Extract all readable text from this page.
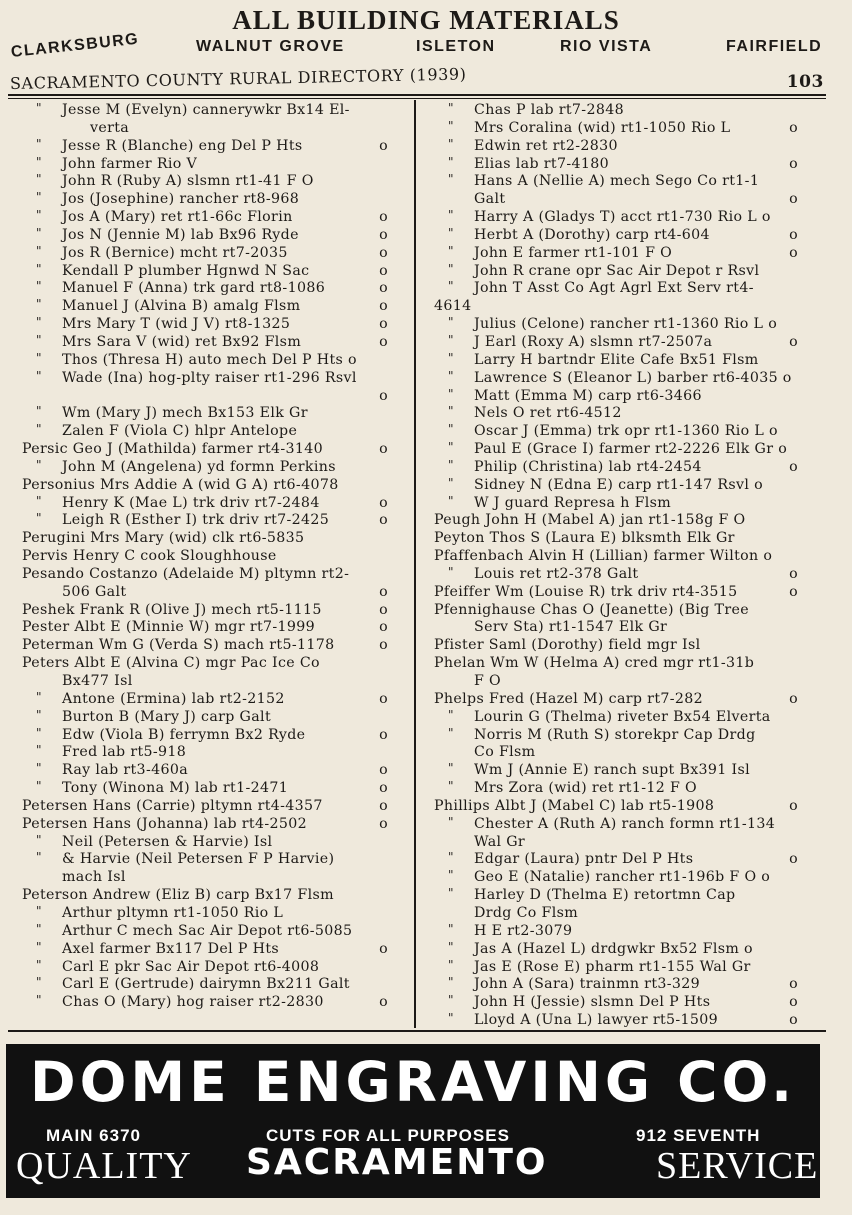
ALL BUILDING MATERIALS
CLARKSBURG	WALNUT GROVE	ISLETON	RIO VISTA	FAIRFIELD
SACRAMENTO COUNTY RURAL DIRECTORY (1939)	103
" Jesse M (Evelyn) cannerywkr Bx14 El-
verta
" Jesse R (Blanche) eng Del P Hts	o
" John farmer Rio V
" John R (Ruby A) slsmn rt1-41 F O
" Jos (Josephine) rancher rt8-968
" Jos A (Mary) ret rt1-66c Florin	o
" Jos N (Jennie M) lab Bx96 Ryde	o
" Jos R (Bernice) mcht rt7-2035	o
" Kendall P plumber Hgnwd N Sac	o
" Manuel F (Anna) trk gard rt8-1086	o
" Manuel J (Alvina B) amalg Flsm	o
" Mrs Mary T (wid J V) rt8-1325	o
" Mrs Sara V (wid) ret Bx92 Flsm	o
" Thos (Thresa H) auto mech Del P Hts o
" Wade (Ina) hog-plty raiser rt1-296 Rsvl
o
" Wm (Mary J) mech Bx153 Elk Gr
" Zalen F (Viola C) hlpr Antelope
Persic Geo J (Mathilda) farmer rt4-3140	o
" John M (Angelena) yd formn Perkins
Personius Mrs Addie A (wid G A) rt6-4078
" Henry K (Mae L) trk driv rt7-2484	o
" Leigh R (Esther I) trk driv rt7-2425	o
Perugini Mrs Mary (wid) clk rt6-5835
Pervis Henry C cook Sloughhouse
Pesando Costanzo (Adelaide M) pltymn rt2-
506 Galt	o
Peshek Frank R (Olive J) mech rt5-1115	o
Pester Albt E (Minnie W) mgr rt7-1999	o
Peterman Wm G (Verda S) mach rt5-1178	o
Peters Albt E (Alvina C) mgr Pac Ice Co
Bx477 Isl
" Antone (Ermina) lab rt2-2152	o
" Burton B (Mary J) carp Galt
" Edw (Viola B) ferrymn Bx2 Ryde	o
" Fred lab rt5-918
" Ray lab rt3-460a	o
" Tony (Winona M) lab rt1-2471	o
Petersen Hans (Carrie) pltymn rt4-4357	o
Petersen Hans (Johanna) lab rt4-2502	o
" Neil (Petersen & Harvie) Isl
" & Harvie (Neil Petersen F P Harvie)
mach Isl
Peterson Andrew (Eliz B) carp Bx17 Flsm
" Arthur pltymn rt1-1050 Rio L
" Arthur C mech Sac Air Depot rt6-5085
" Axel farmer Bx117 Del P Hts	o
" Carl E pkr Sac Air Depot rt6-4008
" Carl E (Gertrude) dairymn Bx211 Galt
" Chas O (Mary) hog raiser rt2-2830	o
" Chas P lab rt7-2848
" Mrs Coralina (wid) rt1-1050 Rio L	o
" Edwin ret rt2-2830
" Elias lab rt7-4180	o
" Hans A (Nellie A) mech Sego Co rt1-1
Galt	o
" Harry A (Gladys T) acct rt1-730 Rio L o
" Herbt A (Dorothy) carp rt4-604	o
" John E farmer rt1-101 F O	o
" John R crane opr Sac Air Depot r Rsvl
" John T Asst Co Agt Agrl Ext Serv rt4-
4614
" Julius (Celone) rancher rt1-1360 Rio L o
" J Earl (Roxy A) slsmn rt7-2507a	o
" Larry H bartndr Elite Cafe Bx51 Flsm
" Lawrence S (Eleanor L) barber rt6-4035 o
" Matt (Emma M) carp rt6-3466
" Nels O ret rt6-4512
" Oscar J (Emma) trk opr rt1-1360 Rio L o
" Paul E (Grace I) farmer rt2-2226 Elk Gr o
" Philip (Christina) lab rt4-2454	o
" Sidney N (Edna E) carp rt1-147 Rsvl o
" W J guard Represa h Flsm
Peugh John H (Mabel A) jan rt1-158g F O
Peyton Thos S (Laura E) blksmth Elk Gr
Pfaffenbach Alvin H (Lillian) farmer Wilton o
" Louis ret rt2-378 Galt	o
Pfeiffer Wm (Louise R) trk driv rt4-3515	o
Pfennighause Chas O (Jeanette) (Big Tree
Serv Sta) rt1-1547 Elk Gr
Pfister Saml (Dorothy) field mgr Isl
Phelan Wm W (Helma A) cred mgr rt1-31b
F O
Phelps Fred (Hazel M) carp rt7-282	o
" Lourin G (Thelma) riveter Bx54 Elverta
" Norris M (Ruth S) storekpr Cap Drdg
Co Flsm
" Wm J (Annie E) ranch supt Bx391 Isl
" Mrs Zora (wid) ret rt1-12 F O
Phillips Albt J (Mabel C) lab rt5-1908	o
" Chester A (Ruth A) ranch formn rt1-134
Wal Gr
" Edgar (Laura) pntr Del P Hts	o
" Geo E (Natalie) rancher rt1-196b F O o
" Harley D (Thelma E) retortmn Cap
Drdg Co Flsm
" H E rt2-3079
" Jas A (Hazel L) drdgwkr Bx52 Flsm o
" Jas E (Rose E) pharm rt1-155 Wal Gr
" John A (Sara) trainmn rt3-329	o
" John H (Jessie) slsmn Del P Hts	o
" Lloyd A (Una L) lawyer rt5-1509	o
DOME ENGRAVING CO.
MAIN 6370	CUTS FOR ALL PURPOSES	912 SEVENTH
QUALITY SACRAMENTO	SERVICE
